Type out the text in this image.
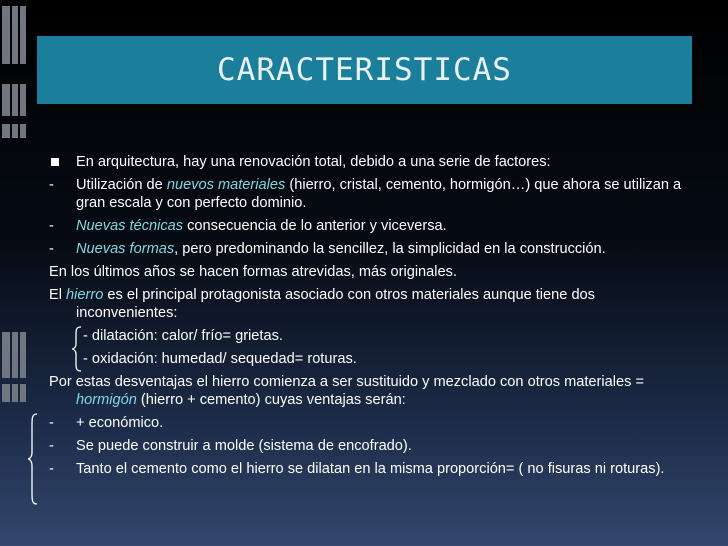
CARACTERISTICAS
En arquitectura, hay una renovación total, debido a una serie de factores:
-	Utilización de nuevos materiales (hierro, cristal, cemento, hormigón…) que ahora se utilizan a gran escala y con perfecto dominio.
-	Nuevas técnicas consecuencia de lo anterior y viceversa.
-	Nuevas formas, pero predominando la sencillez, la simplicidad en la construcción.
En los últimos años se hacen formas atrevidas, más originales.
El hierro es el principal protagonista asociado con otros materiales aunque tiene dos inconvenientes:
- dilatación: calor/ frío= grietas.
- oxidación: humedad/ sequedad= roturas.
Por estas desventajas el hierro comienza a ser sustituido y mezclado con otros materiales = hormigón (hierro + cemento) cuyas ventajas serán:
-	+ económico.
-	Se puede construir a molde (sistema de encofrado).
-	Tanto el cemento como el hierro se dilatan en la misma proporción= ( no fisuras ni roturas).
